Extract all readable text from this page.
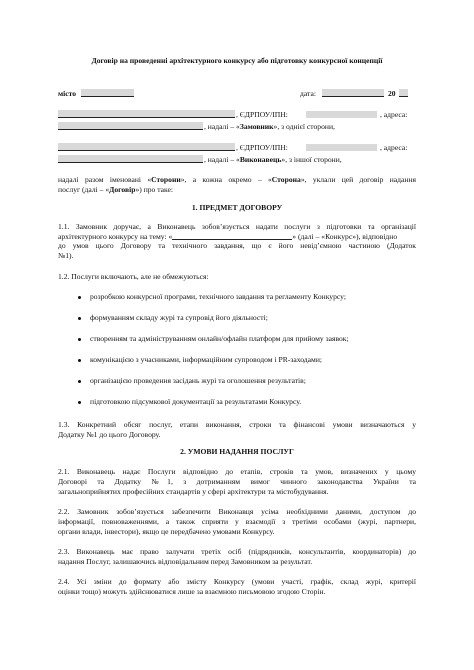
Договір на проведенні архітектурного конкурсу або підготовку конкурсної концепції
місто	дата:	20
, ЄДРПОУ/ІПН:	, адреса:
, надалі – «Замовник», з однієї сторони,
, ЄДРПОУ/ІПН:	, адреса:
, надалі – «Виконавець», з іншої сторони,
надалі разом іменовані «Сторони», а кожна окремо – «Сторона», уклали цей договір надання
послуг (далі – «Договір») про таке:
1. ПРЕДМЕТ ДОГОВОРУ
1.1. Замовник доручає, а Виконавець зобов’язується надати послуги з підготовки та організації
архітектурного конкурсу на тему: «	» (далі – «Конкурс»), відповідно
до умов цього Договору та технічного завдання, що є його невід’ємною частиною (Додаток
№1).
1.2. Послуги включають, але не обмежуються:
розробкою конкурсної програми, технічного завдання та регламенту Конкурсу;
формуванням складу журі та супровід його діяльності;
створенням та адмініструванням онлайн/офлайн платформ для прийому заявок;
комунікацією з учасниками, інформаційним супроводом і PR-заходами;
організацією проведення засідань журі та оголошення результатів;
підготовкою підсумкової документації за результатами Конкурсу.
1.3. Конкретний обсяг послуг, етапи виконання, строки та фінансові умови визначаються у
Додатку №1 до цього Договору.
2. УМОВИ НАДАННЯ ПОСЛУГ
2.1. Виконавець надає Послуги відповідно до етапів, строків та умов, визначених у цьому
Договорі та Додатку №1, з дотриманням вимог чинного законодавства України та
загальноприйнятих професійних стандартів у сфері архітектури та містобудування.
2.2. Замовник зобов’язується забезпечити Виконавця усіма необхідними даними, доступом до
інформації, повноваженнями, а також сприяти у взаємодії з третіми особами (журі, партнери,
органи влади, інвестори), якщо це передбачено умовами Конкурсу.
2.3. Виконавець має право залучати третіх осіб (підрядників, консультантів, координаторів) до
надання Послуг, залишаючись відповідальним перед Замовником за результат.
2.4. Усі зміни до формату або змісту Конкурсу (умови участі, графік, склад журі, критерії
оцінки тощо) можуть здійснюватися лише за взаємною письмовою згодою Сторін.
